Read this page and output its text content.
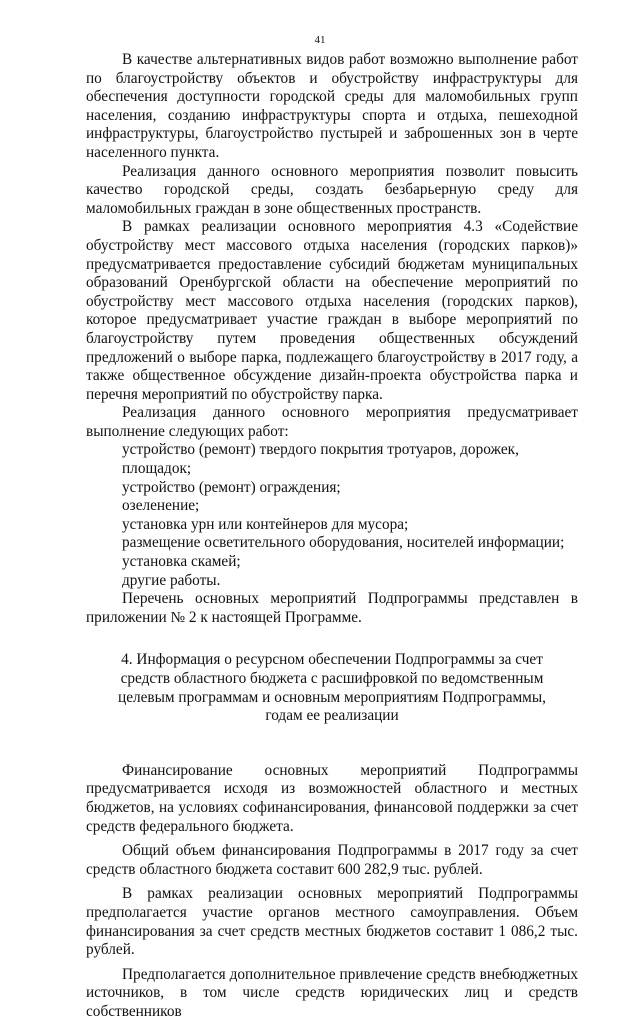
41

В качестве альтернативных видов работ возможно выполнение работ по благоустройству объектов и обустройству инфраструктуры для обеспечения доступности городской среды для маломобильных групп населения, созданию инфраструктуры спорта и отдыха, пешеходной инфраструктуры, благоустройство пустырей и заброшенных зон в черте населенного пункта.

Реализация данного основного мероприятия позволит повысить качество городской среды, создать безбарьерную среду для маломобильных граждан в зоне общественных пространств.

В рамках реализации основного мероприятия 4.3 «Содействие обустройству мест массового отдыха населения (городских парков)» предусматривается предоставление субсидий бюджетам муниципальных образований Оренбургской области на обеспечение мероприятий по обустройству мест массового отдыха населения (городских парков), которое предусматривает участие граждан в выборе мероприятий по благоустройству путем проведения общественных обсуждений предложений о выборе парка, подлежащего благоустройству в 2017 году, а также общественное обсуждение дизайн-проекта обустройства парка и перечня мероприятий по обустройству парка.

Реализация данного основного мероприятия предусматривает выполнение следующих работ:

устройство (ремонт) твердого покрытия тротуаров, дорожек, площадок;

устройство (ремонт) ограждения;

озеленение;

установка урн или контейнеров для мусора;

размещение осветительного оборудования, носителей информации;

установка скамей;

другие работы.

Перечень основных мероприятий Подпрограммы представлен в приложении № 2 к настоящей Программе.

4. Информация о ресурсном обеспечении Подпрограммы за счет
средств областного бюджета с расшифровкой по ведомственным
целевым программам и основным мероприятиям Подпрограммы,
годам ее реализации

Финансирование основных мероприятий Подпрограммы предусматривается исходя из возможностей областного и местных бюджетов, на условиях софинансирования, финансовой поддержки за счет средств федерального бюджета.

Общий объем финансирования Подпрограммы в 2017 году за счет средств областного бюджета составит 600 282,9 тыс. рублей.

В рамках реализации основных мероприятий Подпрограммы предполагается участие органов местного самоуправления. Объем финансирования за счет средств местных бюджетов составит 1 086,2 тыс. рублей.

Предполагается дополнительное привлечение средств внебюджетных источников, в том числе средств юридических лиц и средств собственников
